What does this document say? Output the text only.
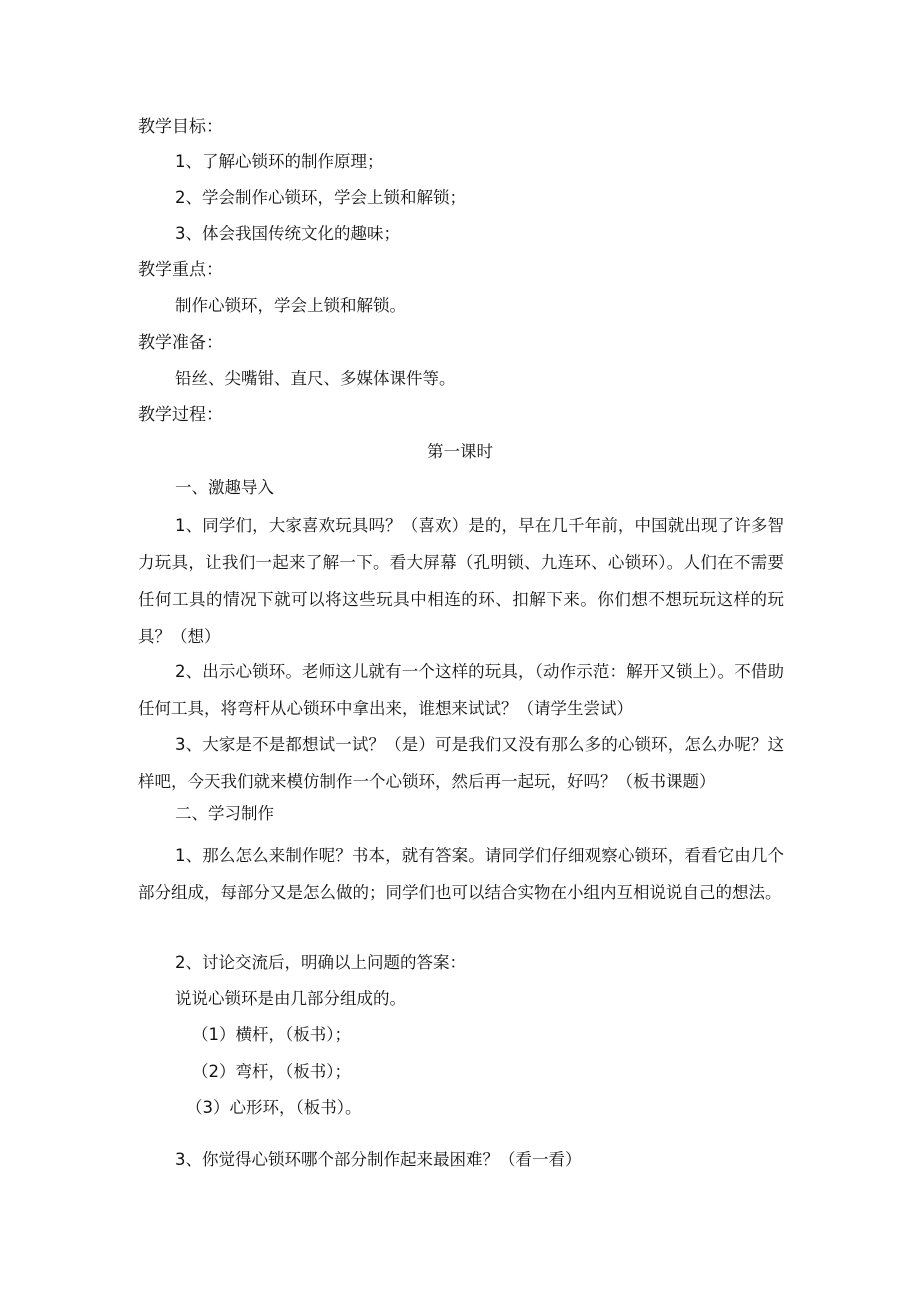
教学目标：
1、了解心锁环的制作原理；
2、学会制作心锁环，学会上锁和解锁；
3、体会我国传统文化的趣味；
教学重点：
制作心锁环，学会上锁和解锁。
教学准备：
铅丝、尖嘴钳、直尺、多媒体课件等。
教学过程：
第一课时
一、激趣导入
1、同学们，大家喜欢玩具吗？（喜欢）是的，早在几千年前，中国就出现了许多智力玩具，让我们一起来了解一下。看大屏幕（孔明锁、九连环、心锁环）。人们在不需要任何工具的情况下就可以将这些玩具中相连的环、扣解下来。你们想不想玩玩这样的玩具？（想）
2、出示心锁环。老师这儿就有一个这样的玩具，（动作示范：解开又锁上）。不借助任何工具，将弯杆从心锁环中拿出来，谁想来试试？（请学生尝试）
3、大家是不是都想试一试？（是）可是我们又没有那么多的心锁环，怎么办呢？这样吧，今天我们就来模仿制作一个心锁环，然后再一起玩，好吗？（板书课题）
二、学习制作
1、那么怎么来制作呢？书本，就有答案。请同学们仔细观察心锁环，看看它由几个部分组成，每部分又是怎么做的；同学们也可以结合实物在小组内互相说说自己的想法。
2、讨论交流后，明确以上问题的答案：
说说心锁环是由几部分组成的。
（1）横杆，（板书）；
（2）弯杆，（板书）；
（3）心形环，（板书）。
3、你觉得心锁环哪个部分制作起来最困难？（看一看）
